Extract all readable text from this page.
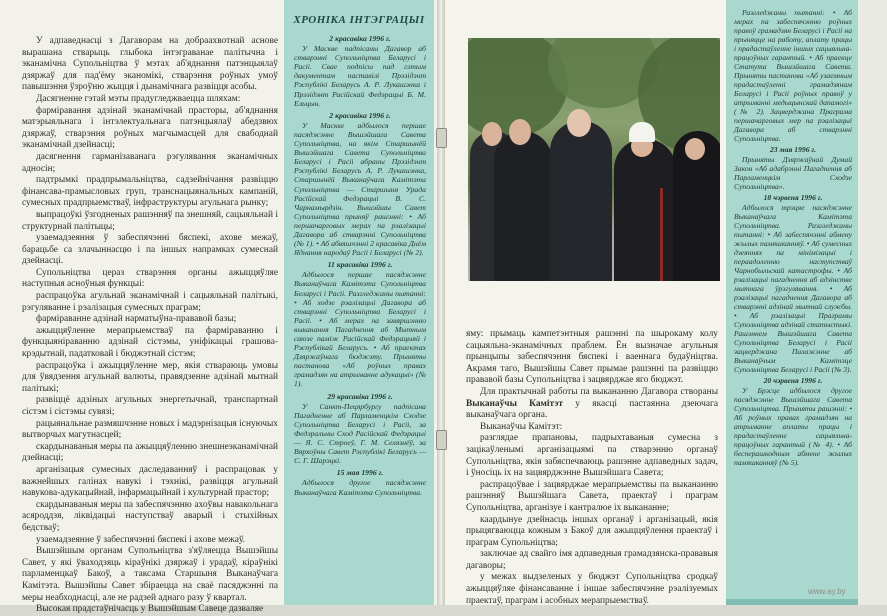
У адпаведнасці з Дагаворам на добраахвотнай аснове вырашана стварыць глыбока інтэграванае палітычна і эканамічна Супольніцтва ў мэтах аб'яднання патэнцыялаў дзяржаў для пад'ёму эканомікі, стварэння роўных умоў павышэння ўзроўню жыцця і дынамічнага развіцця асобы.

Дасягненне гэтай мэты прадугледжваецца шляхам:

фарміравання адзінай эканамічнай прасторы, аб'яднання матэрыяльнага і інтэлектуальнага патэнцыялаў абедзвюх дзяржаў, стварэння роўных магчымасцей для свабоднай эканамічнай дзейнасці;

дасягнення гарманізаванага рэгулявання эканамічных адносін;

падтрымкі прадпрымальніцтва, садзейнічання развіццю фінансава-прамысловых груп, транснацыянальных кампаній, сумесных прадпрыемстваў, інфраструктуры агульнага рынку;

выпрацоўкі ўзгодненых рашэнняў па знешняй, сацыяльнай і структурнай палітыцы;

узаемадзеяння ў забеспячэнні бяспекі, ахове межаў, барацьбе са злачыннасцю і па іншых напрамках сумеснай дзейнасці.

Супольніцтва цераз стварэння органы ажыццяўляе наступныя асноўныя функцыі:

распрацоўка агульнай эканамічнай і сацыяльнай палітыкі, рэгуляванне і рэалізацыя сумесных праграм;

фарміраванне адзінай нарматыўна-прававой базы;

ажыццяўленне мерапрыемстваў па фарміраванню і функцыяніраванню адзінай сістэмы, уніфікацыі грашова-крэдытнай, падатковай і бюджэтнай сістэм;

распрацоўка і ажыццяўленне мер, якія ствараюць умовы для ўвядзення агульнай валюты, правядзенне адзінай мытнай палітыкі;

развіццё адзіных агульных энергетычнай, транспартнай сістэм і сістэмы сувязі;

рацыянальнае размяшчэнне новых і мадэрнізацыя існуючых вытворчых магутнасцей;

скардынаваныя меры па ажыццяўленню знешнеэканамічнай дзейнасці;

арганізацыя сумесных даследаванняў і распрацовак у важнейшых галінах навукі і тэхнікі, развіцця агульнай навукова-адукацыйнай, інфармацыйнай і культурнай прастор;

скардынаваныя меры па забеспячэнню ахоўвы навакольнага асяроддзя, ліквідацыі наступстваў аварый і стыхійных бедстваў;

узаемадзеянне ў забеспячэнні бяспекі і ахове межаў.

Вышэйшым органам Супольніцтва з'яўляецца Вышэйшы Савет, у які ўваходзяць кіраўнікі дзяржаў і урадаў, кіраўнікі парламенцкаў Бакоў, а таксама Старшыня Выканаўчага Камітэта. Вышэйшы Савет збіраецца на сваё пасяджэнні па меры неабходнасці, але не радзей аднаго разу ў квартал.

Высокая прадстаўнічасць у Вышэйшым Савеце дазваляе

ХРОНІКА ІНТЭГРАЦЫІ
2 красавіка 1996 г.

У Маскве падпісаны Дагавор аб стварэнні Супольніцтва Беларусі і Расіі. Свае подпісы пад гэтым дакументам паставілі Прэзідэнт Рэспублікі Беларусь А. Р. Лукашэнка і Прэзідэнт Расійскай Федэрацыі Б. М. Ельцын.

2 красавіка 1996 г.

У Маскве адбылося першае пасяджэнне Вышэйшага Савета Супольніцтва, на якім Старшынёй Вышэйшага Савета Супольніцтва Беларусі і Расіі абраны Прэзідэнт Рэспублікі Беларусь А. Р. Лукашэнка, Старшынёй Выканаўчага Камітэта Супольніцтва — Старшыня Урада Расійскай Федэрацыі В. С. Чарнамырдзін. Вышэйшы Савет Супольніцтва прыняў рашэнні: • Аб першачарговых мерах па рэалізацыі Дагавора аб стварэнні Супольніцтва (№ 1). • Аб абвяшчэнні 2 красавіка Днём Яднання народаў Расіі і Беларусі (№ 2).

11 красавіка 1996 г.

Адбылося першае пасяджэнне Выканаўчага Камітэта Супольніцтва Беларусі і Расіі. Разгледжаны пытанні: • Аб ходзе рэалізацыі Дагавора аб стварэнні Супольніцтва Беларусі і Расіі. • Аб мерах па завяршэнню выканання Пагаднення аб Мытным саюзе паміж Расійскай Федэрацыяй і Рэспублікай Беларусь. • Аб праектах Дзяржаўнага бюджэту. Прыняты пастанова «Аб роўных правах грамадзян на атрыманне адукацыі» (№ 1).

29 красавіка 1996 г.

У Санкт-Пецярбургу падпісана Пагадненне аб Парламенцкім Сходзе Супольніцтва Беларусі і Расіі, за Федэральны Сход Расійскай Федэрацыі — Я. С. Строеў, Г. М. Селязнёў, за Вярхоўны Савет Рэспублікі Беларусь — С. Г. Шарэцкі.

15 мая 1996 г.

Адбылося другое пасяджэнне Выканаўчага Камітэта Супольніцтва.

яму: прымаць кампетэнтныя рашэнні па шырокаму колу сацыяльна-эканамічных праблем. Ён вызначае агульныя прынцыпы забеспячэння бяспекі і ваеннага будаўніцтва. Акрамя таго, Вышэйшы Савет прымае рашэнні па развіццю прававой базы Супольніцтва і зацвярджае яго бюджэт.

Для практычнай работы па выкананню Дагавора створаны Выканаўчы Камітэт у якасці пастаянна дзеючага выканаўчага органа.

Выканаўчы Камітэт:

разглядае прапановы, падрыхтаваныя сумесна з зацікаўленымі арганізацыямі па стварэнню органаў Супольніцтва, якія забяспечваюць рашэнне адпаведных задач, і ўносіць іх на зацвярджэнне Вышэйшага Савета;

распрацоўвае і зацвярджае мерапрыемствы па выкананню рашэнняў Вышэйшага Савета, праектаў і праграм Супольніцтва, арганізуе і кантралюе іх выкананне;

каардынуе дзейнасць іншых органаў і арганізацый, якія прыцягваюцца кожным з Бакоў для ажыццяўлення праектаў і праграм Супольніцтва;

заключае ад свайго імя адпаведныя грамадзянска-прававыя дагаворы;

у межах выдзеленых у бюджэт Супольніцтва сродкаў ажыццяўляе фінансаванне і іншае забеспячэнне рэалізуемых праектаў, праграм і асобных мерапрыемстваў.

Разгледжаны пытанні: • Аб мерах па забеспячэнню роўных правоў грамадзян Беларусі і Расіі на прыняцце на работу, аплату працы і прадастаўленне іншых сацыяльна-працоўных гарантый. • Аб праекце Статута Вышэйшага Савета. Прыняты пастанова «Аб узаемным прадастаўленні грамадзянам Беларусі і Расіі роўных правоў у атрыманні медыцынскай дапамогі» (№ 2). Зацверджана Праграма першачарговых мер па рэалізацыі Дагавора аб стварэнні Супольніцтва.

23 мая 1996 г.

Прыняты Дзяржаўнай Думай Закон «Аб адабрэнні Пагаднення аб Парламенцкім Сходзе Супольніцтва».

18 чэрвеня 1996 г.

Адбылося трэцяе пасяджэнне Выканаўчага Камітэта Супольніцтва. Разгледжаны пытанні: • Аб забеспячэнні абмену жылых памяшканняў. • Аб сумесных дзеяннях па мінімізацыі і пераадоленню наступстваў Чарнобыльскай катастрофы. • Аб рэалізацыі пагаднення аб адзінстве мытнага ўрэгулявання. • Аб рэалізацыі пагаднення Дагавора аб стварэнні адзінай мытнай службы. • Аб рэалізацыі Праграмы Супольніцтва адзінай статыстыкі. Рашэннем Вышэйшага Савета Супольніцтва Беларусі і Расіі зацверджана Палажэнне аб Выканаўчым Камітэце Супольніцтва Беларусі і Расіі (№ 3).

20 чэрвеня 1996 г.

У Брэсце адбылося другое пасяджэнне Вышэйшага Савета Супольніцтва. Прыняты рашэнні: • Аб роўных правах грамадзян на атрыманне аплаты працы і прадастаўленне сацыяльна-працоўных гарантый (№ 4). • Аб бесперашкодным абмене жылых памяшканняў (№ 5).

www.ay.by
